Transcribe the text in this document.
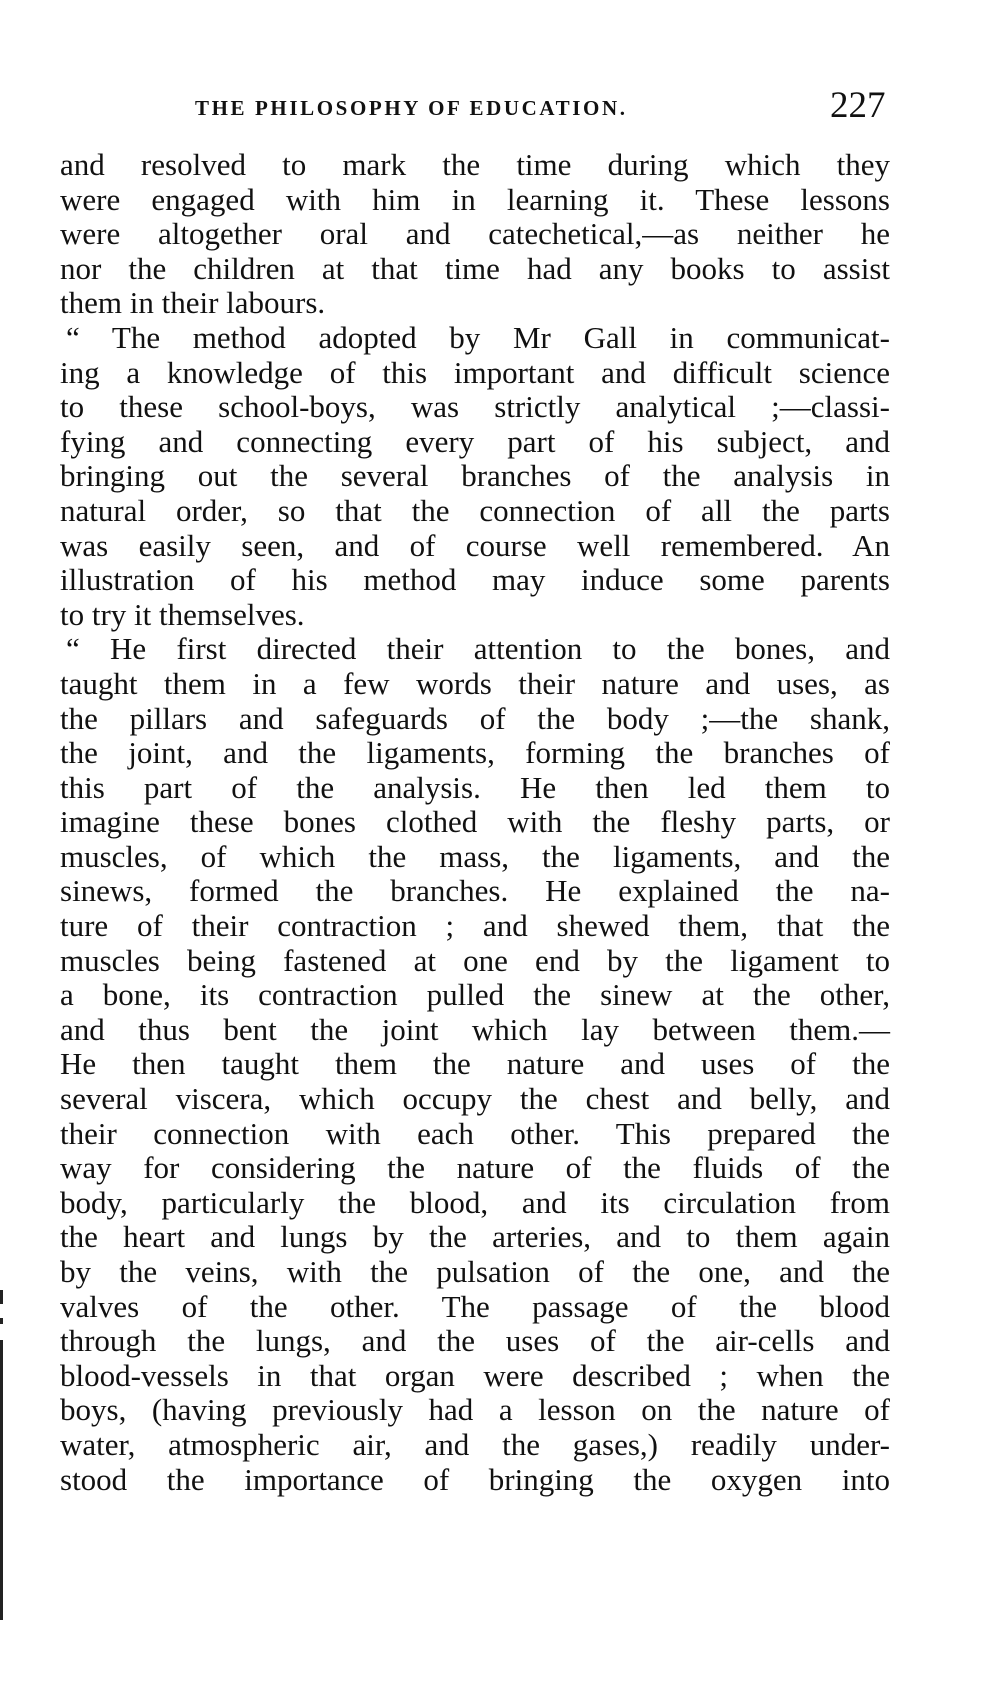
THE PHILOSOPHY OF EDUCATION.	227
and resolved to mark the time during which they
were engaged with him in learning it. These lessons
were altogether oral and catechetical,—as neither he
nor the children at that time had any books to assist
them in their labours.
“ The method adopted by Mr Gall in communicat-
ing a knowledge of this important and difficult science
to these school-boys, was strictly analytical ;—classi-
fying and connecting every part of his subject, and
bringing out the several branches of the analysis in
natural order, so that the connection of all the parts
was easily seen, and of course well remembered. An
illustration of his method may induce some parents
to try it themselves.
“ He first directed their attention to the bones, and
taught them in a few words their nature and uses, as
the pillars and safeguards of the body ;—the shank,
the joint, and the ligaments, forming the branches of
this part of the analysis. He then led them to
imagine these bones clothed with the fleshy parts, or
muscles, of which the mass, the ligaments, and the
sinews, formed the branches. He explained the na-
ture of their contraction ; and shewed them, that the
muscles being fastened at one end by the ligament to
a bone, its contraction pulled the sinew at the other,
and thus bent the joint which lay between them.—
He then taught them the nature and uses of the
several viscera, which occupy the chest and belly, and
their connection with each other. This prepared the
way for considering the nature of the fluids of the
body, particularly the blood, and its circulation from
the heart and lungs by the arteries, and to them again
by the veins, with the pulsation of the one, and the
valves of the other. The passage of the blood
through the lungs, and the uses of the air-cells and
blood-vessels in that organ were described ; when the
boys, (having previously had a lesson on the nature of
water, atmospheric air, and the gases,) readily under-
stood the importance of bringing the oxygen into
